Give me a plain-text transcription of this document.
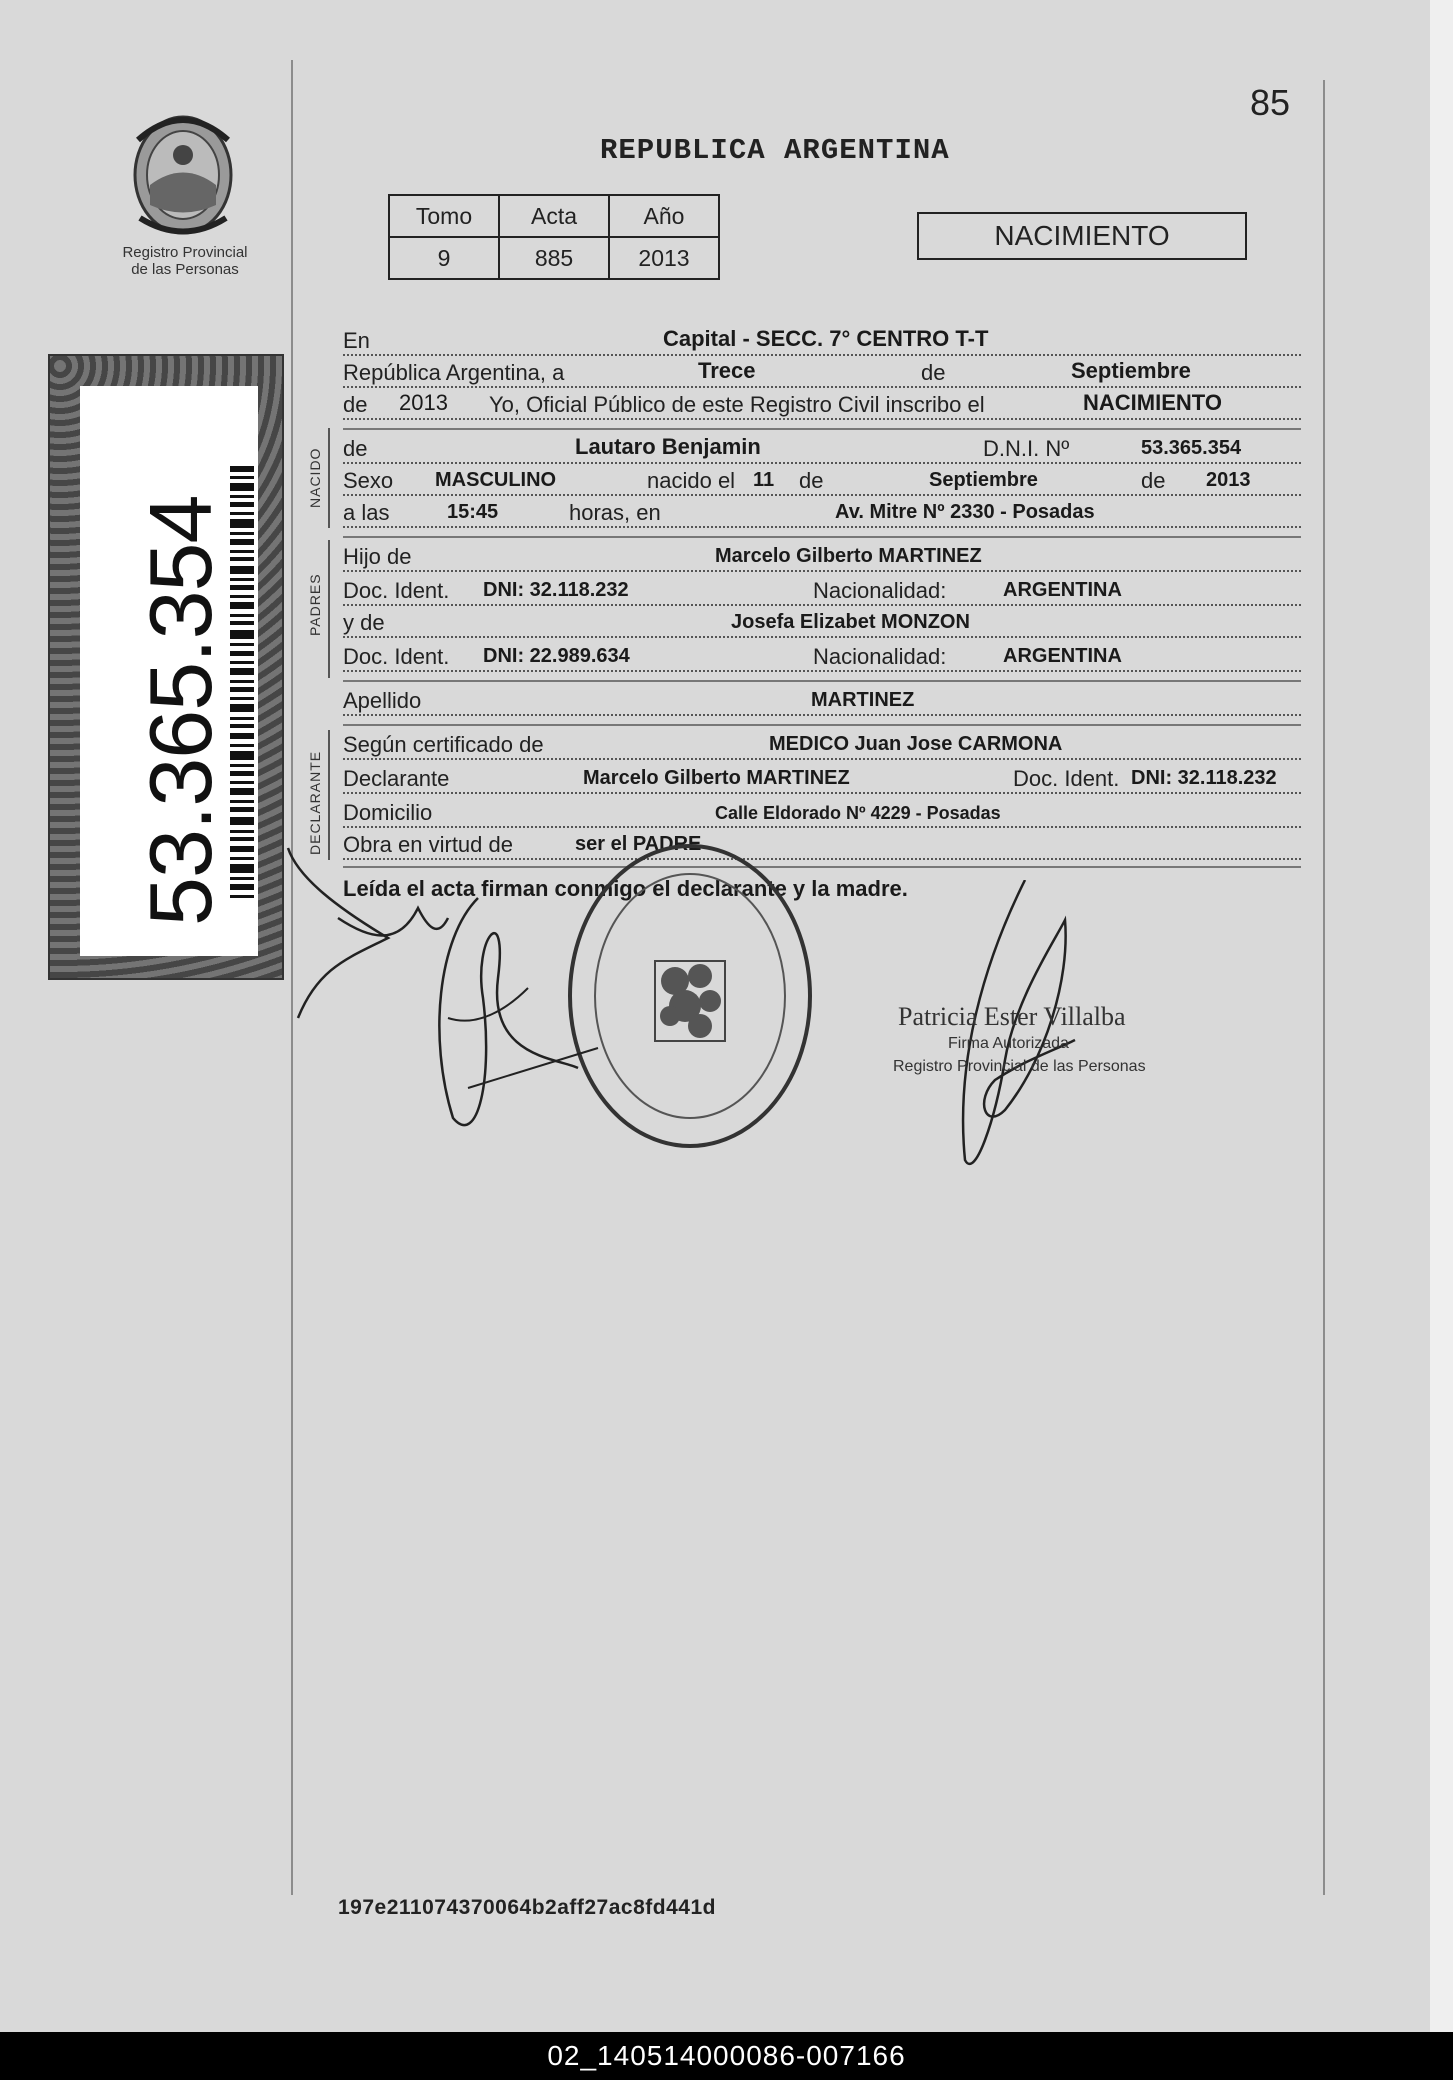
Registro Provincial
de las Personas
53.365.354
85
REPUBLICA ARGENTINA
Tomo	Acta	Año
9	885	2013
NACIMIENTO
NACIDO
PADRES
DECLARANTE
En	Capital - SECC. 7° CENTRO T-T
República Argentina, a	Trece	de	Septiembre
de 2013 Yo, Oficial Público de este Registro Civil inscribo el	NACIMIENTO
de	Lautaro Benjamin	D.N.I. Nº	53.365.354
Sexo MASCULINO	nacido el 11 de	Septiembre	de 2013
a las	15:45	horas, en	Av. Mitre Nº 2330 - Posadas
Hijo de	Marcelo Gilberto MARTINEZ
Doc. Ident. DNI: 32.118.232	Nacionalidad:	ARGENTINA
y de	Josefa Elizabet MONZON
Doc. Ident. DNI: 22.989.634	Nacionalidad:	ARGENTINA
Apellido	MARTINEZ
Según certificado de	MEDICO Juan Jose CARMONA
Declarante	Marcelo Gilberto MARTINEZ	Doc. Ident. DNI: 32.118.232
Domicilio	Calle Eldorado Nº 4229 - Posadas
Obra en virtud de	ser el PADRE
Leída el acta firman conmigo el declarante y la madre.
Patricia Ester Villalba
Firma Autorizada
Registro Provincial de las Personas
197e211074370064b2aff27ac8fd441d
02_140514000086-007166
